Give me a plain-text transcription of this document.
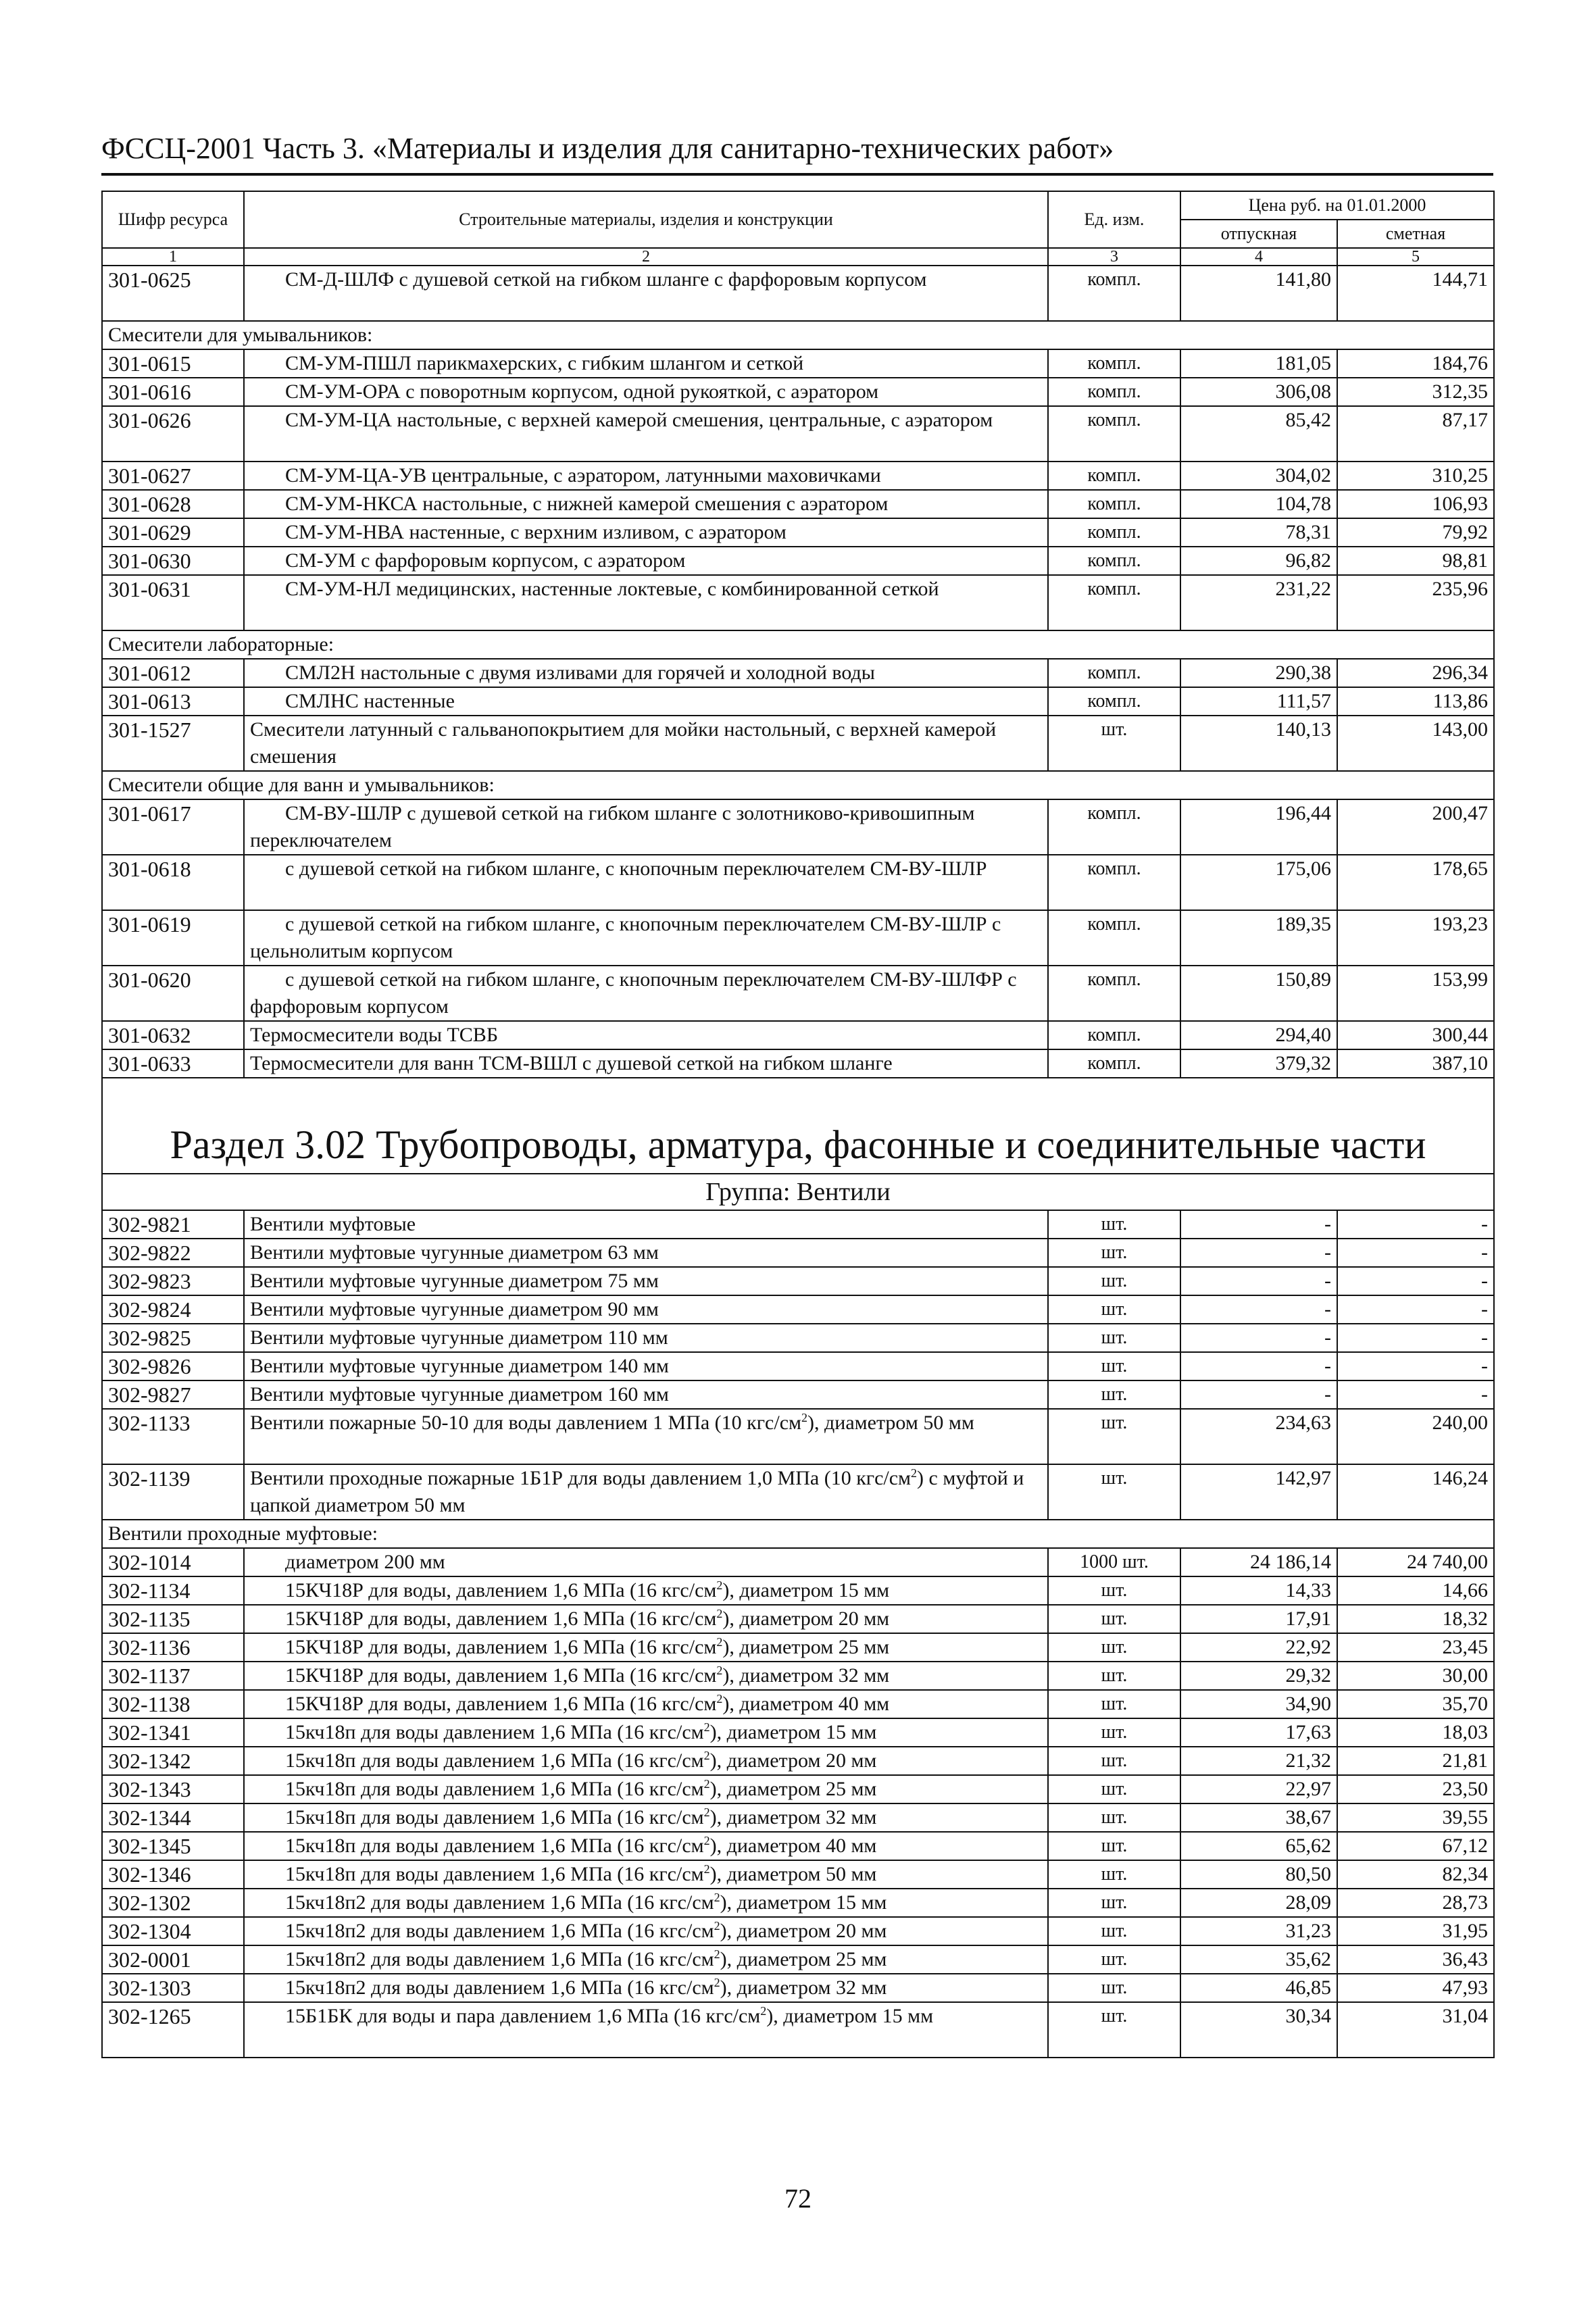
ФССЦ-2001 Часть 3. «Материалы и изделия для санитарно-технических работ»
Шифр ресурса	Строительные материалы, изделия и конструкции	Ед. изм.	Цена руб. на 01.01.2000	
			отпускная	сметная
1	2	3	4	5
301-0625	СМ-Д-ШЛФ с душевой сеткой на гибком шланге с фарфоровым корпусом	компл.	141,80	144,71
Смесители для умывальников:				
301-0615	СМ-УМ-ПШЛ парикмахерских, с гибким шлангом и сеткой	компл.	181,05	184,76
301-0616	СМ-УМ-ОРА с поворотным корпусом, одной рукояткой, с аэратором	компл.	306,08	312,35
301-0626	СМ-УМ-ЦА настольные, с верхней камерой смешения, центральные, с аэратором	компл.	85,42	87,17
301-0627	СМ-УМ-ЦА-УВ центральные, с аэратором, латунными маховичками	компл.	304,02	310,25
301-0628	СМ-УМ-НКСА настольные, с нижней камерой смешения с аэратором	компл.	104,78	106,93
301-0629	СМ-УМ-НВА настенные, с верхним изливом, с аэратором	компл.	78,31	79,92
301-0630	СМ-УМ с фарфоровым корпусом, с аэратором	компл.	96,82	98,81
301-0631	СМ-УМ-НЛ медицинских, настенные локтевые, с комбинированной сеткой	компл.	231,22	235,96
Смесители лабораторные:				
301-0612	СМЛ2Н настольные с двумя изливами для горячей и холодной воды	компл.	290,38	296,34
301-0613	СМЛНС настенные	компл.	111,57	113,86
301-1527	Смесители латунный с гальванопокрытием для мойки настольный, с верхней камерой смешения	шт.	140,13	143,00
Смесители общие для ванн и умывальников:				
301-0617	СМ-ВУ-ШЛР с душевой сеткой на гибком шланге с золотниково-кривошипным переключателем	компл.	196,44	200,47
301-0618	с душевой сеткой на гибком шланге, с кнопочным переключателем СМ-ВУ-ШЛР	компл.	175,06	178,65
301-0619	с душевой сеткой на гибком шланге, с кнопочным переключателем СМ-ВУ-ШЛР с цельнолитым корпусом	компл.	189,35	193,23
301-0620	с душевой сеткой на гибком шланге, с кнопочным переключателем СМ-ВУ-ШЛФР с фарфоровым корпусом	компл.	150,89	153,99
301-0632	Термосмесители воды ТСВБ	компл.	294,40	300,44
301-0633	Термосмесители для ванн ТСМ-ВШЛ с душевой сеткой на гибком шланге	компл.	379,32	387,10

Раздел 3.02 Трубопроводы, арматура, фасонные и соединительные части				
Группа: Вентили				
302-9821	Вентили муфтовые	шт.	-	-
302-9822	Вентили муфтовые чугунные диаметром 63 мм	шт.	-	-
302-9823	Вентили муфтовые чугунные диаметром 75 мм	шт.	-	-
302-9824	Вентили муфтовые чугунные диаметром 90 мм	шт.	-	-
302-9825	Вентили муфтовые чугунные диаметром 110 мм	шт.	-	-
302-9826	Вентили муфтовые чугунные диаметром 140 мм	шт.	-	-
302-9827	Вентили муфтовые чугунные диаметром 160 мм	шт.	-	-
302-1133	Вентили пожарные 50-10 для воды давлением 1 МПа (10 кгс/$см^2$), диаметром 50 мм	шт.	234,63	240,00
302-1139	Вентили проходные пожарные 1Б1Р для воды давлением 1,0 МПа (10 кгс/$см^2$) с муфтой и цапкой диаметром 50 мм	шт.	142,97	146,24
Вентили проходные муфтовые:				
302-1014	диаметром 200 мм	1000 шт.	24 186,14	24 740,00
302-1134	15КЧ18Р для воды, давлением 1,6 МПа (16 кгс/$см^2$), диаметром 15 мм	шт.	14,33	14,66
302-1135	15КЧ18Р для воды, давлением 1,6 МПа (16 кгс/$см^2$), диаметром 20 мм	шт.	17,91	18,32
302-1136	15КЧ18Р для воды, давлением 1,6 МПа (16 кгс/$см^2$), диаметром 25 мм	шт.	22,92	23,45
302-1137	15КЧ18Р для воды, давлением 1,6 МПа (16 кгс/$см^2$), диаметром 32 мм	шт.	29,32	30,00
302-1138	15КЧ18Р для воды, давлением 1,6 МПа (16 кгс/$см^2$), диаметром 40 мм	шт.	34,90	35,70
302-1341	15кч18п для воды давлением 1,6 МПа (16 кгс/$см^2$), диаметром 15 мм	шт.	17,63	18,03
302-1342	15кч18п для воды давлением 1,6 МПа (16 кгс/$см^2$), диаметром 20 мм	шт.	21,32	21,81
302-1343	15кч18п для воды давлением 1,6 МПа (16 кгс/$см^2$), диаметром 25 мм	шт.	22,97	23,50
302-1344	15кч18п для воды давлением 1,6 МПа (16 кгс/$см^2$), диаметром 32 мм	шт.	38,67	39,55
302-1345	15кч18п для воды давлением 1,6 МПа (16 кгс/$см^2$), диаметром 40 мм	шт.	65,62	67,12
302-1346	15кч18п для воды давлением 1,6 МПа (16 кгс/$см^2$), диаметром 50 мм	шт.	80,50	82,34
302-1302	15кч18п2 для воды давлением 1,6 МПа (16 кгс/$см^2$), диаметром 15 мм	шт.	28,09	28,73
302-1304	15кч18п2 для воды давлением 1,6 МПа (16 кгс/$см^2$), диаметром 20 мм	шт.	31,23	31,95
302-0001	15кч18п2 для воды давлением 1,6 МПа (16 кгс/$см^2$), диаметром 25 мм	шт.	35,62	36,43
302-1303	15кч18п2 для воды давлением 1,6 МПа (16 кгс/$см^2$), диаметром 32 мм	шт.	46,85	47,93
302-1265	15Б1БК для воды и пара давлением 1,6 МПа (16 кгс/$см^2$), диаметром 15 мм	шт.	30,34	31,04
72
